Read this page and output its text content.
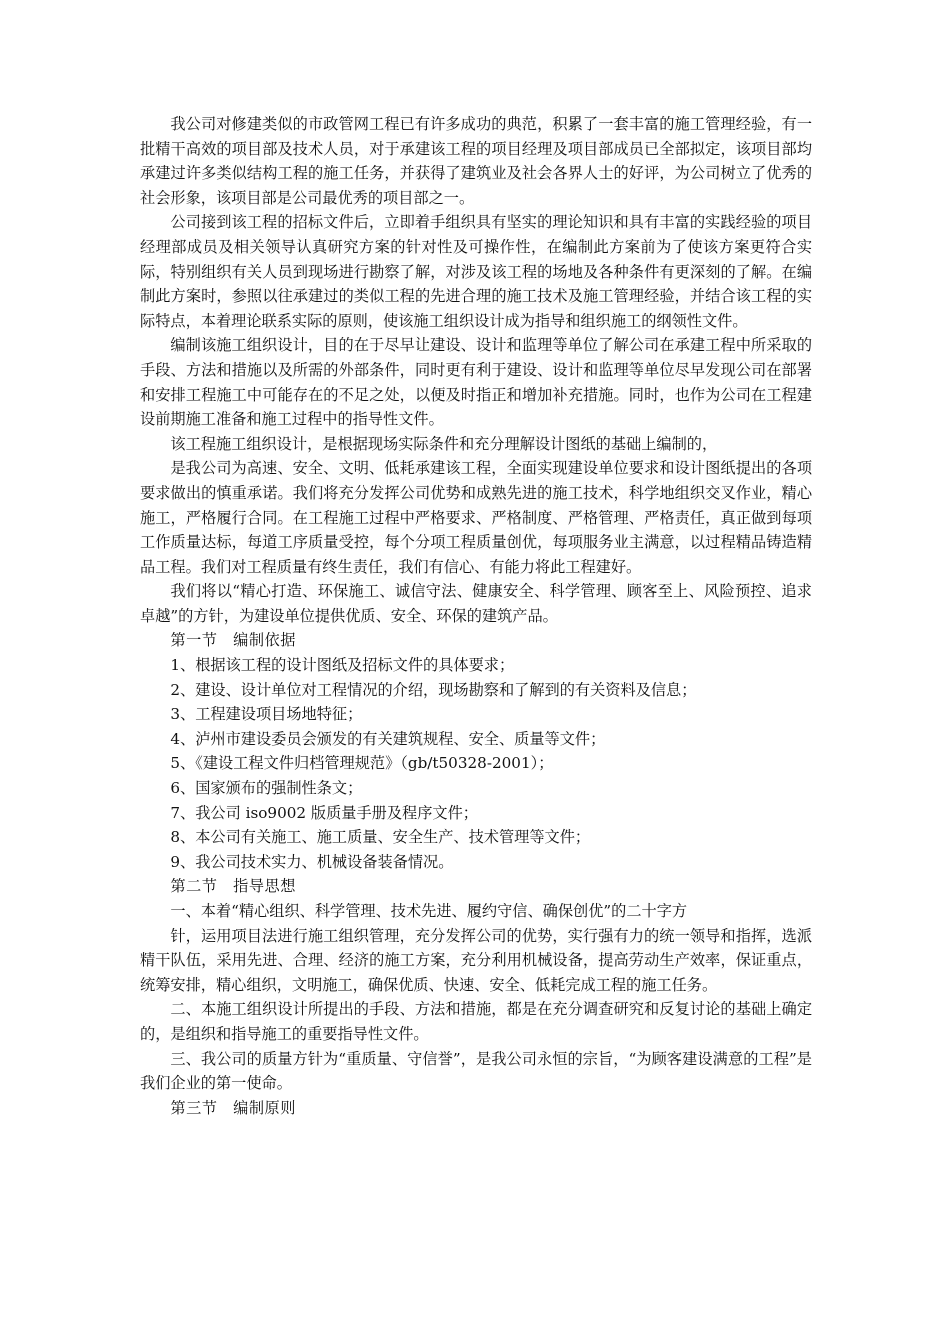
我公司对修建类似的市政管网工程已有许多成功的典范，积累了一套丰富的施工管理经验，有一批精干高效的项目部及技术人员，对于承建该工程的项目经理及项目部成员已全部拟定，该项目部均承建过许多类似结构工程的施工任务，并获得了建筑业及社会各界人士的好评，为公司树立了优秀的社会形象，该项目部是公司最优秀的项目部之一。

公司接到该工程的招标文件后，立即着手组织具有坚实的理论知识和具有丰富的实践经验的项目经理部成员及相关领导认真研究方案的针对性及可操作性，在编制此方案前为了使该方案更符合实际，特别组织有关人员到现场进行勘察了解，对涉及该工程的场地及各种条件有更深刻的了解。在编制此方案时，参照以往承建过的类似工程的先进合理的施工技术及施工管理经验，并结合该工程的实际特点，本着理论联系实际的原则，使该施工组织设计成为指导和组织施工的纲领性文件。

编制该施工组织设计，目的在于尽早让建设、设计和监理等单位了解公司在承建工程中所采取的手段、方法和措施以及所需的外部条件，同时更有利于建设、设计和监理等单位尽早发现公司在部署和安排工程施工中可能存在的不足之处，以便及时指正和增加补充措施。同时，也作为公司在工程建设前期施工准备和施工过程中的指导性文件。

该工程施工组织设计，是根据现场实际条件和充分理解设计图纸的基础上编制的，

是我公司为高速、安全、文明、低耗承建该工程，全面实现建设单位要求和设计图纸提出的各项要求做出的慎重承诺。我们将充分发挥公司优势和成熟先进的施工技术，科学地组织交叉作业，精心施工，严格履行合同。在工程施工过程中严格要求、严格制度、严格管理、严格责任，真正做到每项工作质量达标，每道工序质量受控，每个分项工程质量创优，每项服务业主满意，以过程精品铸造精品工程。我们对工程质量有终生责任，我们有信心、有能力将此工程建好。

我们将以“精心打造、环保施工、诚信守法、健康安全、科学管理、顾客至上、风险预控、追求卓越”的方针，为建设单位提供优质、安全、环保的建筑产品。

第一节　编制依据

1、根据该工程的设计图纸及招标文件的具体要求；

2、建设、设计单位对工程情况的介绍，现场勘察和了解到的有关资料及信息；

3、工程建设项目场地特征；

4、泸州市建设委员会颁发的有关建筑规程、安全、质量等文件；

5、《建设工程文件归档管理规范》（gb/t50328-2001）；

6、国家颁布的强制性条文；

7、我公司 iso9002 版质量手册及程序文件；

8、本公司有关施工、施工质量、安全生产、技术管理等文件；

9、我公司技术实力、机械设备装备情况。

第二节　指导思想

一、本着“精心组织、科学管理、技术先进、履约守信、确保创优”的二十字方

针，运用项目法进行施工组织管理，充分发挥公司的优势，实行强有力的统一领导和指挥，选派精干队伍，采用先进、合理、经济的施工方案，充分利用机械设备，提高劳动生产效率，保证重点，统筹安排，精心组织，文明施工，确保优质、快速、安全、低耗完成工程的施工任务。

二、本施工组织设计所提出的手段、方法和措施，都是在充分调查研究和反复讨论的基础上确定的，是组织和指导施工的重要指导性文件。

三、我公司的质量方针为“重质量、守信誉”，是我公司永恒的宗旨，“为顾客建设满意的工程”是我们企业的第一使命。

第三节　编制原则
